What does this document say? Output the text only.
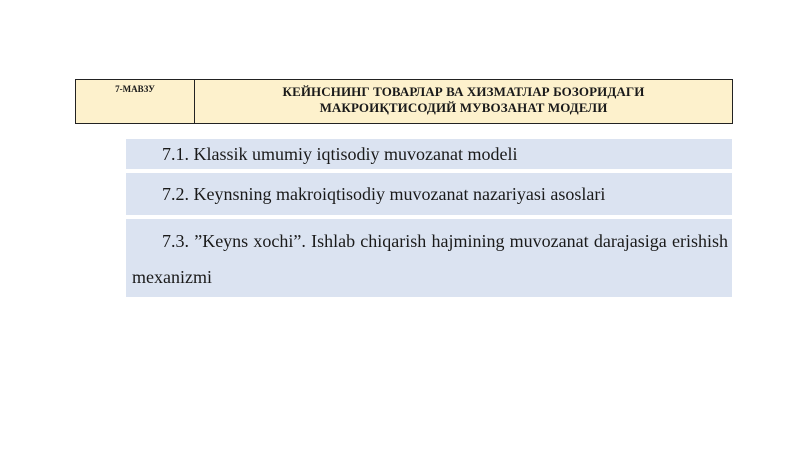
7-МАВЗУ	КЕЙНСНИНГ ТОВАРЛАР ВА ХИЗМАТЛАР БОЗОРИДАГИ
МАКРОИҚТИСОДИЙ МУВОЗАНАТ МОДЕЛИ
7.1. Klassik umumiy iqtisodiy muvozanat modeli
7.2. Keynsning makroiqtisodiy muvozanat nazariyasi asoslari
7.3. ”Keyns xochi”. Ishlab chiqarish hajmining muvozanat darajasiga erishish mexanizmi
